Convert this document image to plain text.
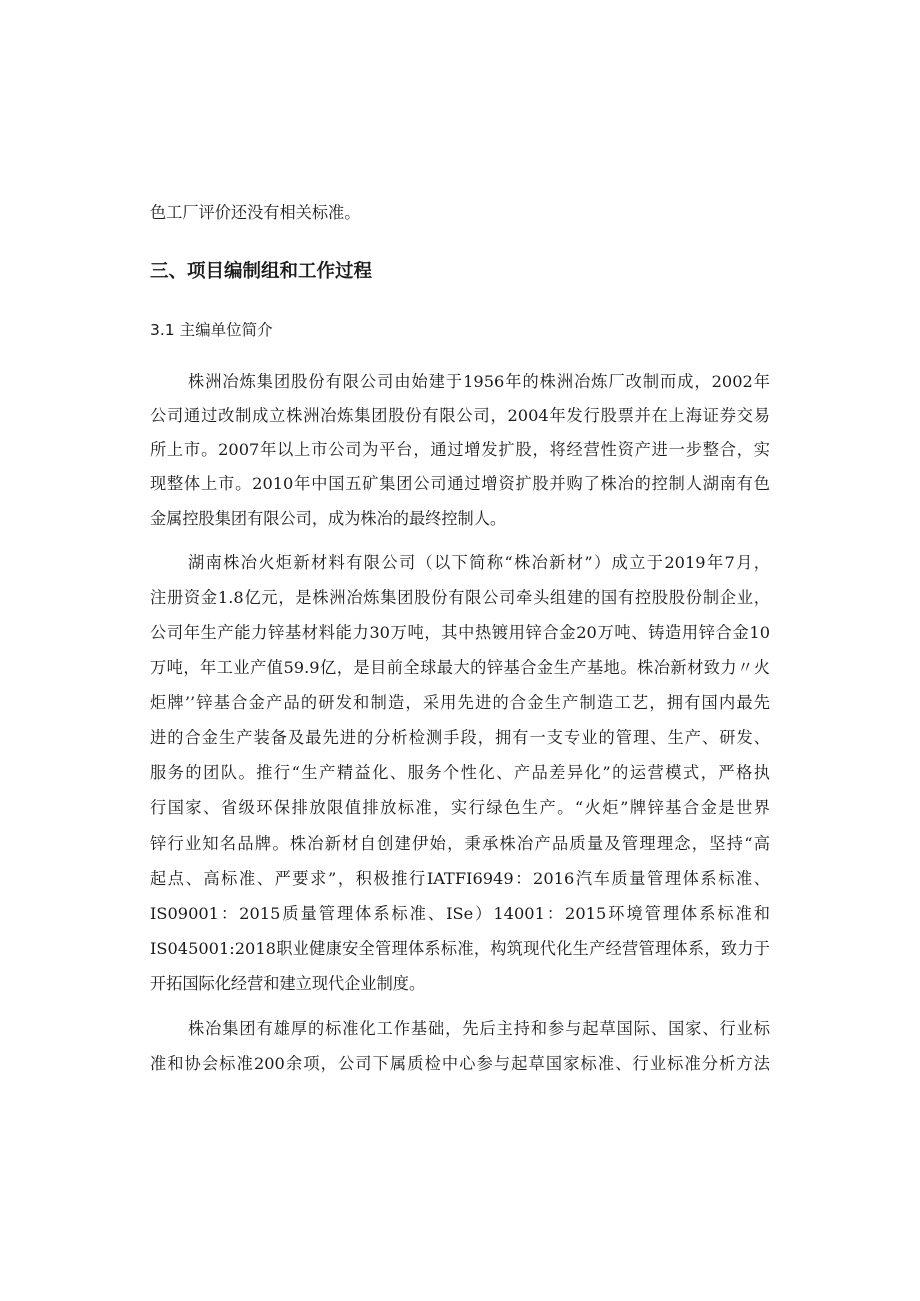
色工厂评价还没有相关标准。
三、项目编制组和工作过程
3.1 主编单位简介
株洲冶炼集团股份有限公司由始建于1956年的株洲冶炼厂改制而成，2002年
公司通过改制成立株洲冶炼集团股份有限公司，2004年发行股票并在上海证券交易
所上市。2007年以上市公司为平台，通过增发扩股，将经营性资产进一步整合，实
现整体上市。2010年中国五矿集团公司通过增资扩股并购了株冶的控制人湖南有色
金属控股集团有限公司，成为株冶的最终控制人。
湖南株冶火炬新材料有限公司（以下简称“株冶新材”）成立于2019年7月，
注册资金1.8亿元，是株洲冶炼集团股份有限公司牵头组建的国有控股股份制企业，
公司年生产能力锌基材料能力30万吨，其中热镀用锌合金20万吨、铸造用锌合金10
万吨，年工业产值59.9亿，是目前全球最大的锌基合金生产基地。株冶新材致力〃火
炬牌’’锌基合金产品的研发和制造，采用先进的合金生产制造工艺，拥有国内最先
进的合金生产装备及最先进的分析检测手段，拥有一支专业的管理、生产、研发、
服务的团队。推行“生产精益化、服务个性化、产品差异化”的运营模式，严格执
行国家、省级环保排放限值排放标准，实行绿色生产。“火炬”牌锌基合金是世界
锌行业知名品牌。株冶新材自创建伊始，秉承株冶产品质量及管理理念，坚持“高
起点、高标准、严要求”，积极推行IATFI6949：2016汽车质量管理体系标准、
IS09001：2015质量管理体系标准、ISe）14001：2015环境管理体系标准和
IS045001:2018职业健康安全管理体系标准，构筑现代化生产经营管理体系，致力于
开拓国际化经营和建立现代企业制度。
株冶集团有雄厚的标准化工作基础，先后主持和参与起草国际、国家、行业标
准和协会标准200余项，公司下属质检中心参与起草国家标准、行业标准分析方法
